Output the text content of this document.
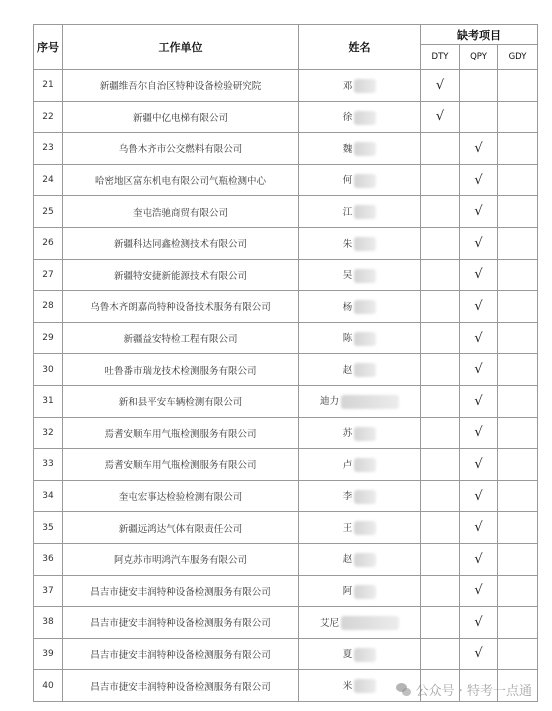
序号	工作单位	姓名	缺考项目		
			DTY	QPY	GDY
21	新疆维吾尔自治区特种设备检验研究院	邓	√		
22	新疆中亿电梯有限公司	徐	√		
23	乌鲁木齐市公交燃料有限公司	魏		√	
24	哈密地区富东机电有限公司气瓶检测中心	何		√	
25	奎屯浩驰商贸有限公司	江		√	
26	新疆科达同鑫检测技术有限公司	朱		√	
27	新疆特安捷新能源技术有限公司	吴		√	
28	乌鲁木齐朗嘉尚特种设备技术服务有限公司	杨		√	
29	新疆益安特检工程有限公司	陈		√	
30	吐鲁番市瑞龙技术检测服务有限公司	赵		√	
31	新和县平安车辆检测有限公司	迪力		√	
32	焉耆安顺车用气瓶检测服务有限公司	苏		√	
33	焉耆安顺车用气瓶检测服务有限公司	卢		√	
34	奎屯宏事达检验检测有限公司	李		√	
35	新疆远鸿达气体有限责任公司	王		√	
36	阿克苏市明鸿汽车服务有限公司	赵		√	
37	昌吉市捷安丰润特种设备检测服务有限公司	阿		√	
38	昌吉市捷安丰润特种设备检测服务有限公司	艾尼		√	
39	昌吉市捷安丰润特种设备检测服务有限公司	夏		√	
40	昌吉市捷安丰润特种设备检测服务有限公司	米				公众号 · 特考一点通
